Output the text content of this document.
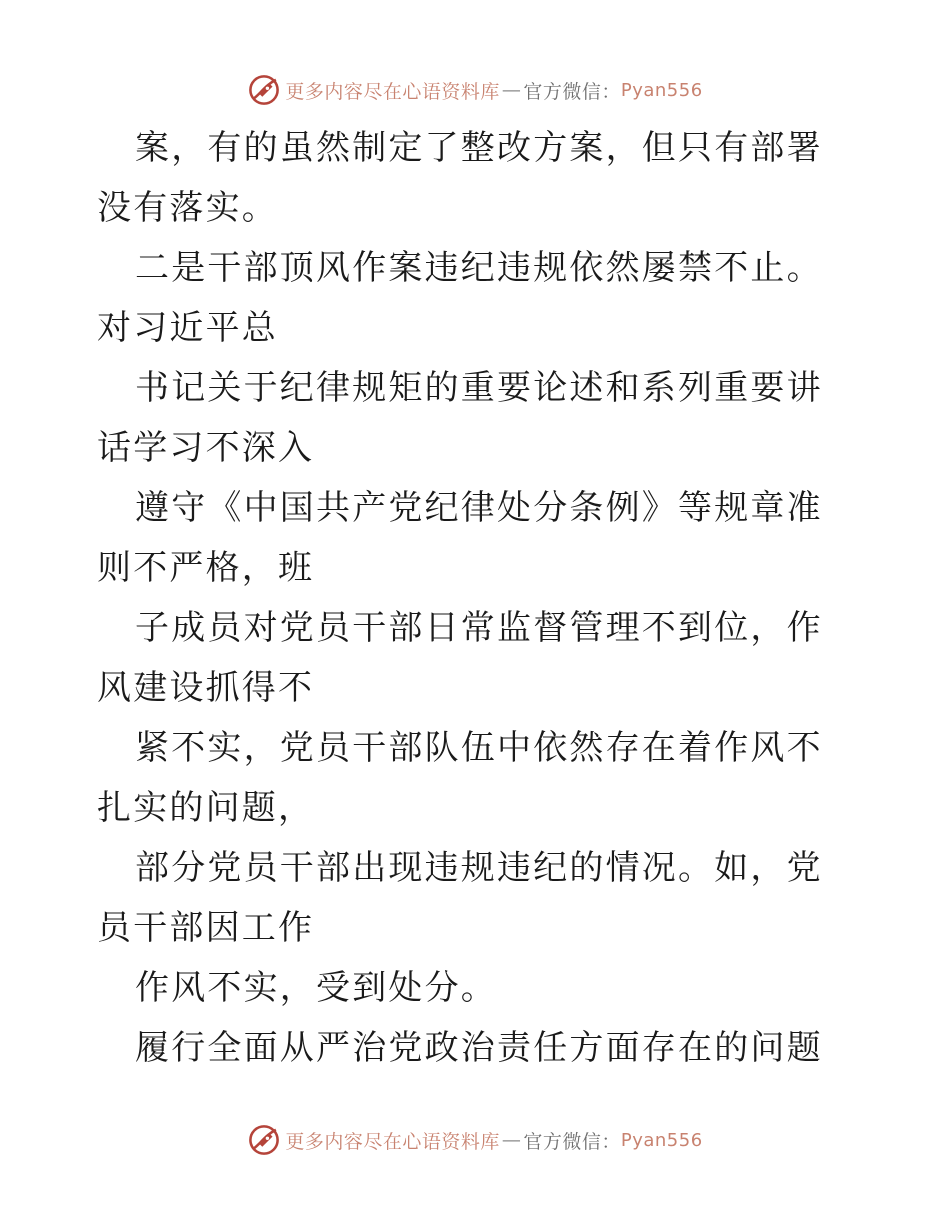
更多内容尽在心语资料库 — 官方微信： Pyan556

案，有的虽然制定了整改方案，但只有部署没有落实。

二是干部顶风作案违纪违规依然屡禁不止。对习近平总

书记关于纪律规矩的重要论述和系列重要讲话学习不深入

遵守《中国共产党纪律处分条例》等规章准则不严格，班

子成员对党员干部日常监督管理不到位，作风建设抓得不

紧不实，党员干部队伍中依然存在着作风不扎实的问题，

部分党员干部出现违规违纪的情况。如，党员干部因工作

作风不实，受到处分。

履行全面从严治党政治责任方面存在的问题

更多内容尽在心语资料库 — 官方微信： Pyan556
